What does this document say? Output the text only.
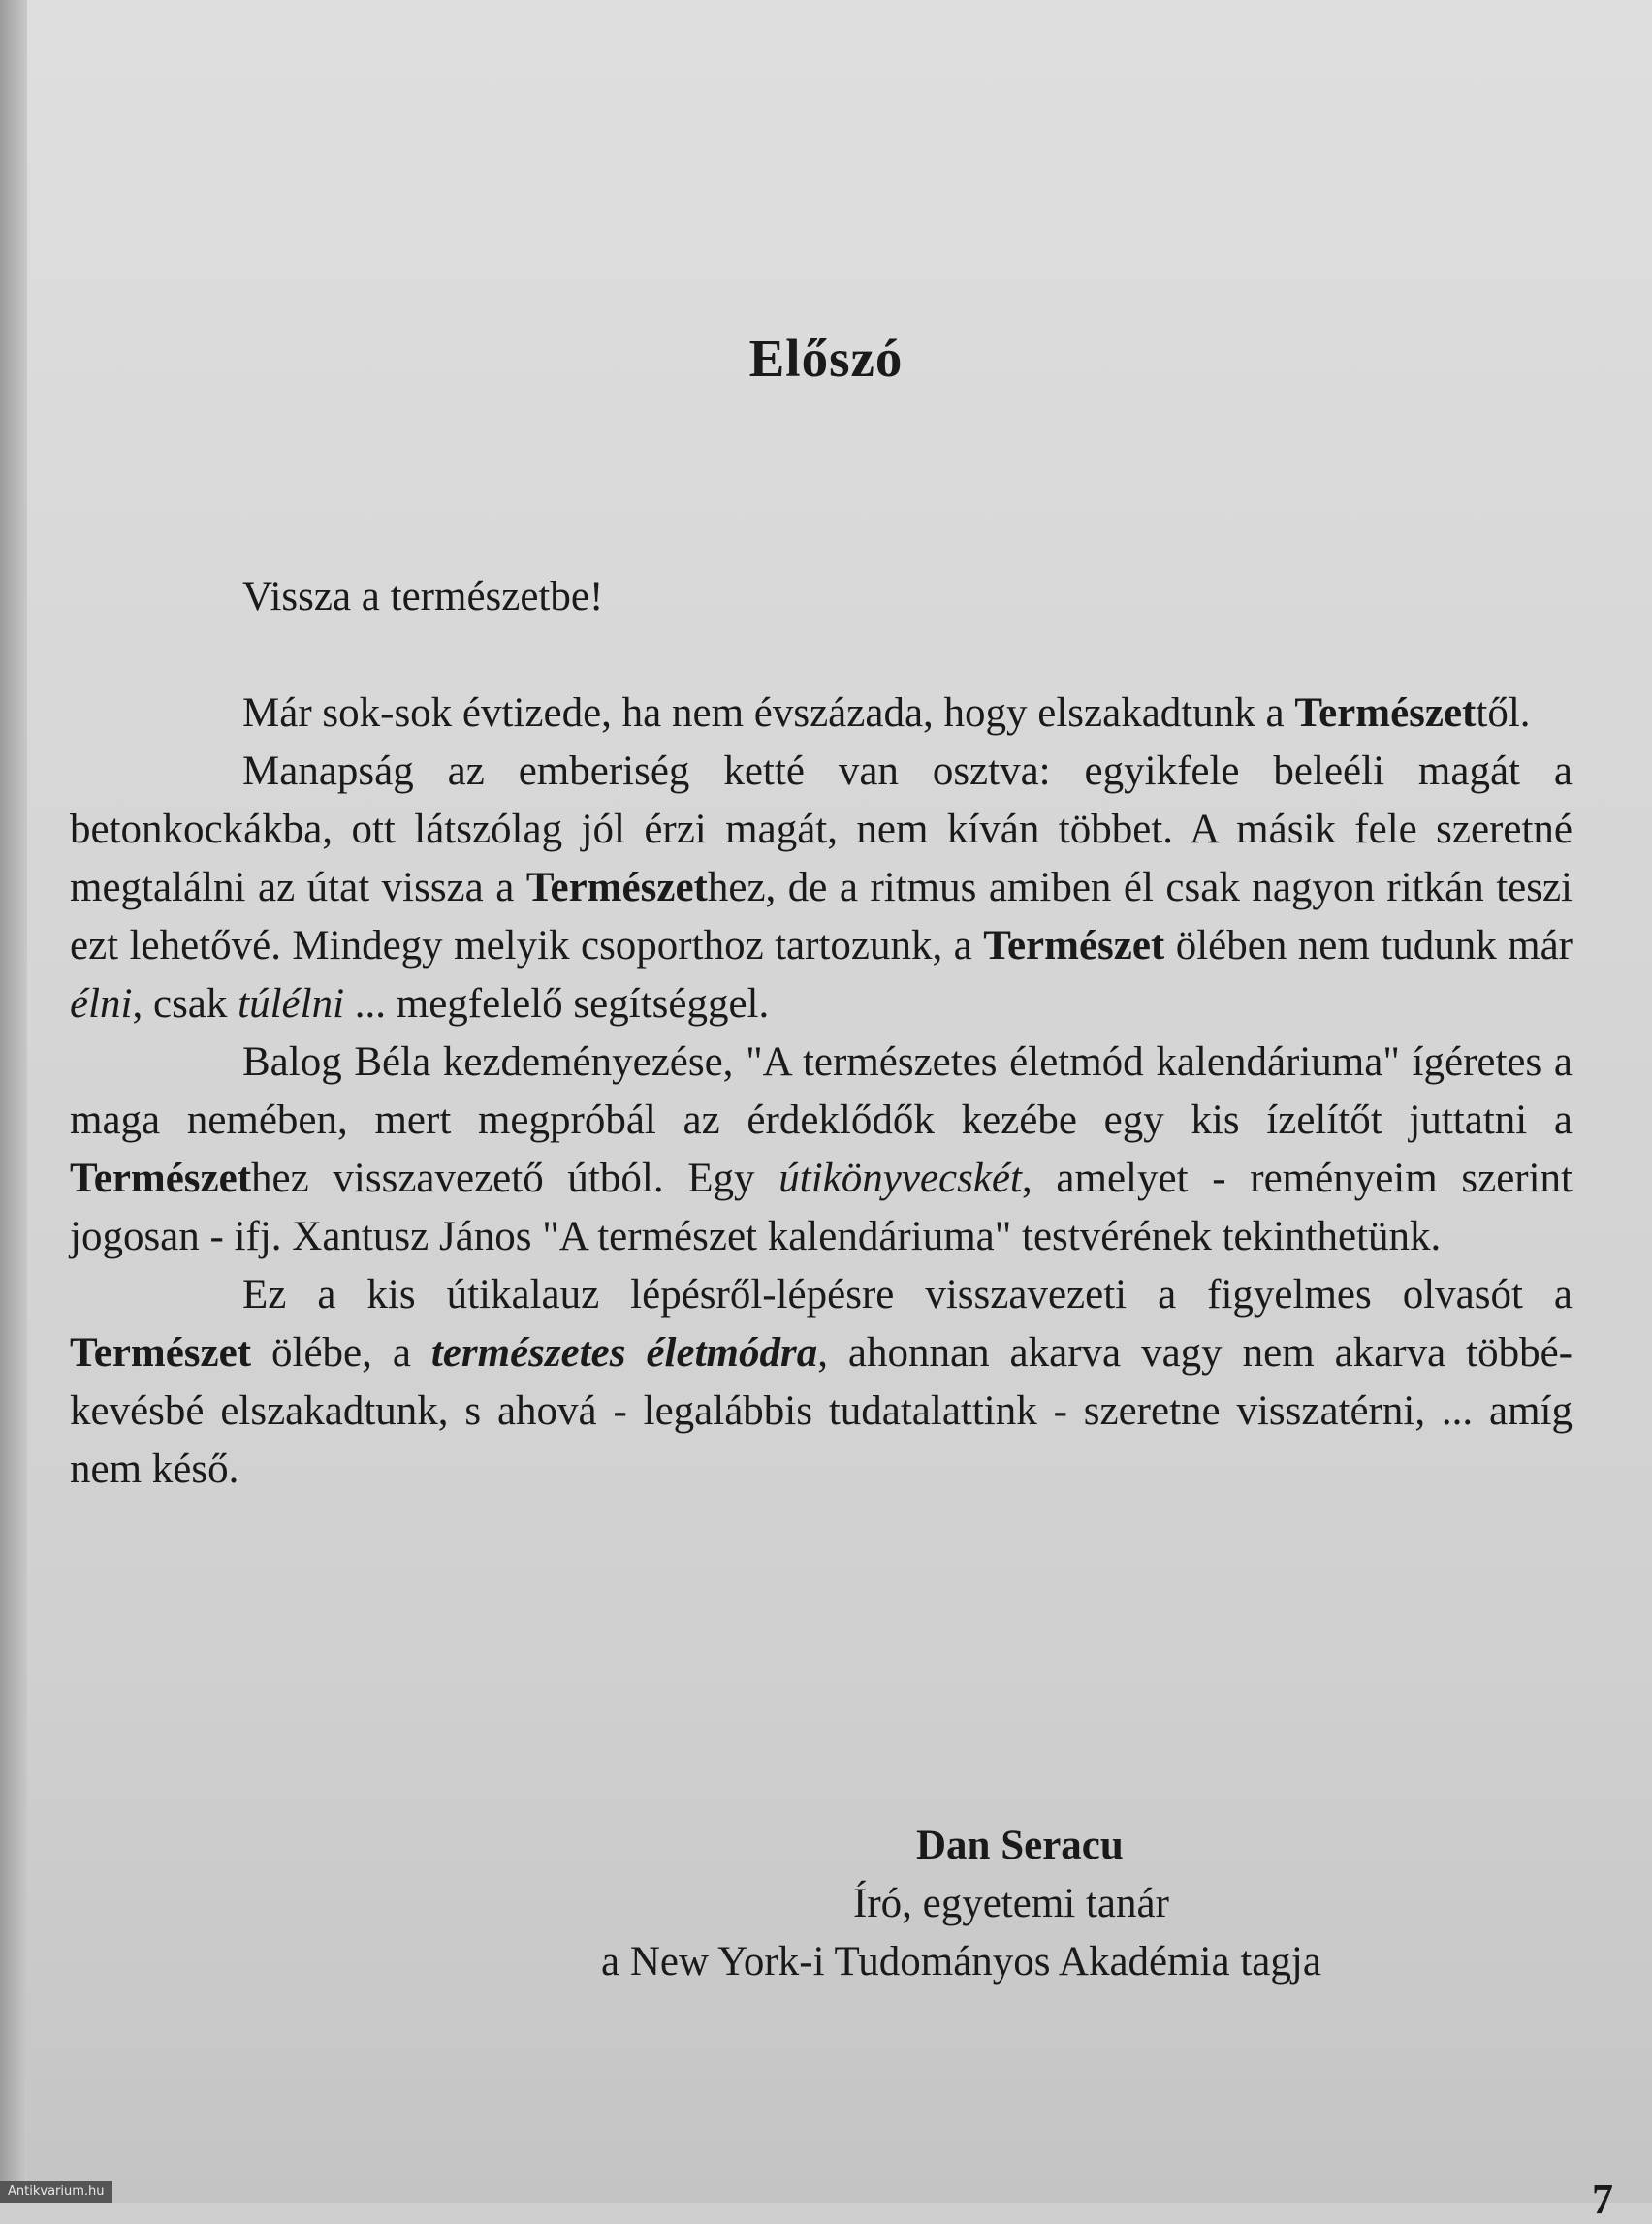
Előszó

Vissza a természetbe!

Már sok-sok évtizede, ha nem évszázada, hogy elszakadtunk a Természettől.

Manapság az emberiség ketté van osztva: egyikfele beleéli magát a betonkockákba, ott látszólag jól érzi magát, nem kíván többet. A másik fele szeretné megtalálni az útat vissza a Természethez, de a ritmus amiben él csak nagyon ritkán teszi ezt lehetővé. Mindegy melyik csoporthoz tartozunk, a Természet ölében nem tudunk már élni, csak túlélni ... megfelelő segítséggel.

Balog Béla kezdeményezése, "A természetes életmód kalendáriuma" ígéretes a maga nemében, mert megpróbál az érdeklődők kezébe egy kis ízelítőt juttatni a Természethez visszavezető útból. Egy útikönyvecskét, amelyet - reményeim szerint jogosan - ifj. Xantusz János "A természet kalendáriuma" testvérének tekinthetünk.

Ez a kis útikalauz lépésről-lépésre visszavezeti a figyelmes olvasót a Természet ölébe, a természetes életmódra, ahonnan akarva vagy nem akarva többé-kevésbé elszakadtunk, s ahová - legalábbis tudatalattink - szeretne visszatérni, ... amíg nem késő.

Dan Seracu
Író, egyetemi tanár
a New York-i Tudományos Akadémia tagja
7
Antikvarium.hu
